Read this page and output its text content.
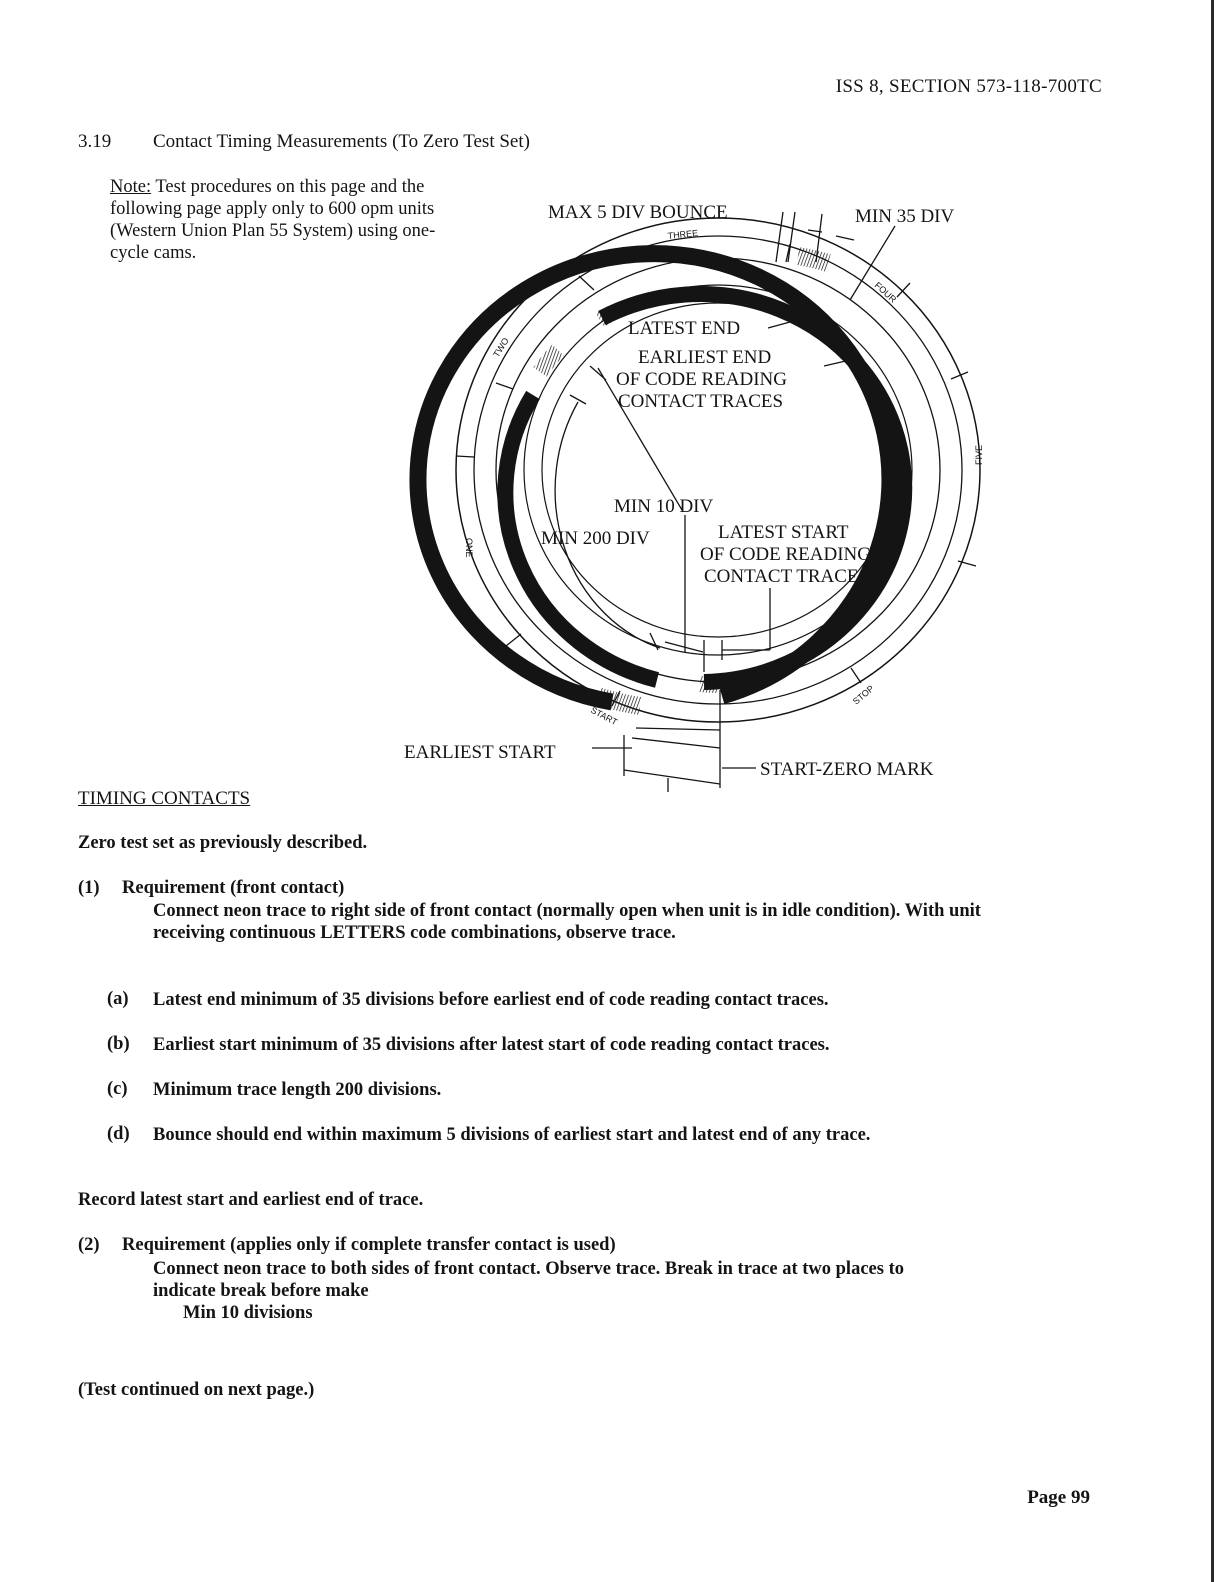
ISS 8, SECTION 573-118-700TC
3.19 Contact Timing Measurements (To Zero Test Set)
Note: Test procedures on this page and the following page apply only to 600 opm units (Western Union Plan 55 System) using one-cycle cams.
THREE
FOUR
TWO
FIVE
ONE
START
STOP
MAX 5 DIV BOUNCE	MIN 35 DIV
LATEST END
EARLIEST END
OF CODE READING
CONTACT TRACES
MIN 10 DIV
MIN 200 DIV	LATEST START
OF CODE READING
CONTACT TRACES
EARLIEST START
START-ZERO MARK
TIMING CONTACTS
Zero test set as previously described.
(1) Requirement (front contact)
Connect neon trace to right side of front contact (normally open when unit is in idle condition). With unit receiving continuous LETTERS code combinations, observe trace.
(a) Latest end minimum of 35 divisions before earliest end of code reading contact traces.
(b) Earliest start minimum of 35 divisions after latest start of code reading contact traces.
(c) Minimum trace length 200 divisions.
(d) Bounce should end within maximum 5 divisions of earliest start and latest end of any trace.
Record latest start and earliest end of trace.
(2) Requirement (applies only if complete transfer contact is used)
Connect neon trace to both sides of front contact. Observe trace. Break in trace at two places to indicate break before make
Min 10 divisions
(Test continued on next page.)
Page 99
